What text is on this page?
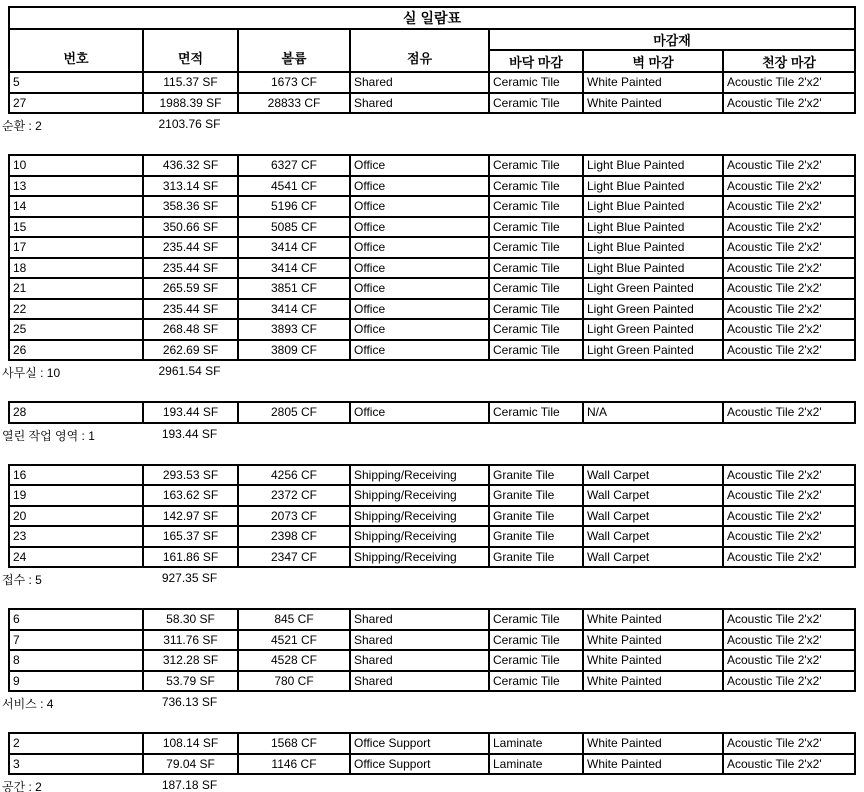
실 일람표						
번호	면적	볼륨	점유	마감재		
				바닥 마감	벽 마감	천장 마감
5	115.37 SF	1673 CF	Shared	Ceramic Tile	White Painted	Acoustic Tile 2'x2'
27	1988.39 SF	28833 CF	Shared	Ceramic Tile	White Painted	Acoustic Tile 2'x2'
순환 : 2	2103.76 SF
10	436.32 SF	6327 CF	Office	Ceramic Tile	Light Blue Painted	Acoustic Tile 2'x2'
13	313.14 SF	4541 CF	Office	Ceramic Tile	Light Blue Painted	Acoustic Tile 2'x2'
14	358.36 SF	5196 CF	Office	Ceramic Tile	Light Blue Painted	Acoustic Tile 2'x2'
15	350.66 SF	5085 CF	Office	Ceramic Tile	Light Blue Painted	Acoustic Tile 2'x2'
17	235.44 SF	3414 CF	Office	Ceramic Tile	Light Blue Painted	Acoustic Tile 2'x2'
18	235.44 SF	3414 CF	Office	Ceramic Tile	Light Blue Painted	Acoustic Tile 2'x2'
21	265.59 SF	3851 CF	Office	Ceramic Tile	Light Green Painted	Acoustic Tile 2'x2'
22	235.44 SF	3414 CF	Office	Ceramic Tile	Light Green Painted	Acoustic Tile 2'x2'
25	268.48 SF	3893 CF	Office	Ceramic Tile	Light Green Painted	Acoustic Tile 2'x2'
26	262.69 SF	3809 CF	Office	Ceramic Tile	Light Green Painted	Acoustic Tile 2'x2'
사무실 : 10	2961.54 SF
28	193.44 SF	2805 CF	Office	Ceramic Tile	N/A	Acoustic Tile 2'x2'
열린 작업 영역 : 1	193.44 SF
16	293.53 SF	4256 CF	Shipping/Receiving	Granite Tile	Wall Carpet	Acoustic Tile 2'x2'
19	163.62 SF	2372 CF	Shipping/Receiving	Granite Tile	Wall Carpet	Acoustic Tile 2'x2'
20	142.97 SF	2073 CF	Shipping/Receiving	Granite Tile	Wall Carpet	Acoustic Tile 2'x2'
23	165.37 SF	2398 CF	Shipping/Receiving	Granite Tile	Wall Carpet	Acoustic Tile 2'x2'
24	161.86 SF	2347 CF	Shipping/Receiving	Granite Tile	Wall Carpet	Acoustic Tile 2'x2'
접수 : 5	927.35 SF
6	58.30 SF	845 CF	Shared	Ceramic Tile	White Painted	Acoustic Tile 2'x2'
7	311.76 SF	4521 CF	Shared	Ceramic Tile	White Painted	Acoustic Tile 2'x2'
8	312.28 SF	4528 CF	Shared	Ceramic Tile	White Painted	Acoustic Tile 2'x2'
9	53.79 SF	780 CF	Shared	Ceramic Tile	White Painted	Acoustic Tile 2'x2'
서비스 : 4	736.13 SF
2	108.14 SF	1568 CF	Office Support	Laminate	White Painted	Acoustic Tile 2'x2'
3	79.04 SF	1146 CF	Office Support	Laminate	White Painted	Acoustic Tile 2'x2'
공간 : 2	187.18 SF
